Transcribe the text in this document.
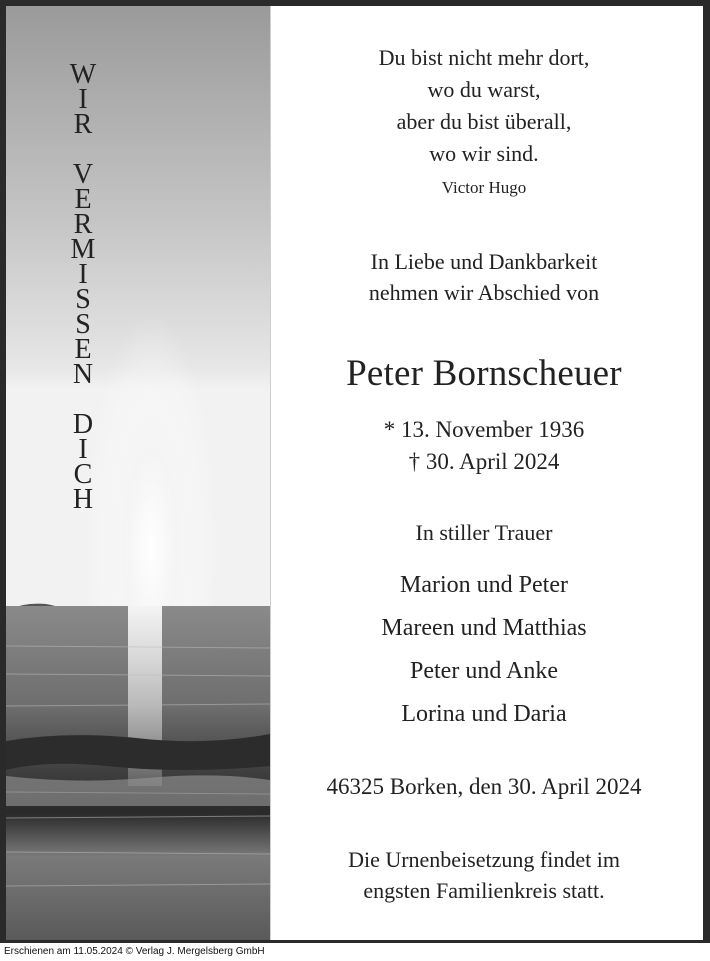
W
I
R
V
E
R
M
I
S
S
E
N
D
I
C
H
Du bist nicht mehr dort,
wo du warst,
aber du bist überall,
wo wir sind.
Victor Hugo
In Liebe und Dankbarkeit
nehmen wir Abschied von
Peter Bornscheuer
* 13. November 1936
† 30. April 2024
In stiller Trauer
Marion und Peter
Mareen und Matthias
Peter und Anke
Lorina und Daria
46325 Borken, den 30. April 2024
Die Urnenbeisetzung findet im
engsten Familienkreis statt.
Erschienen am 11.05.2024 © Verlag J. Mergelsberg GmbH
